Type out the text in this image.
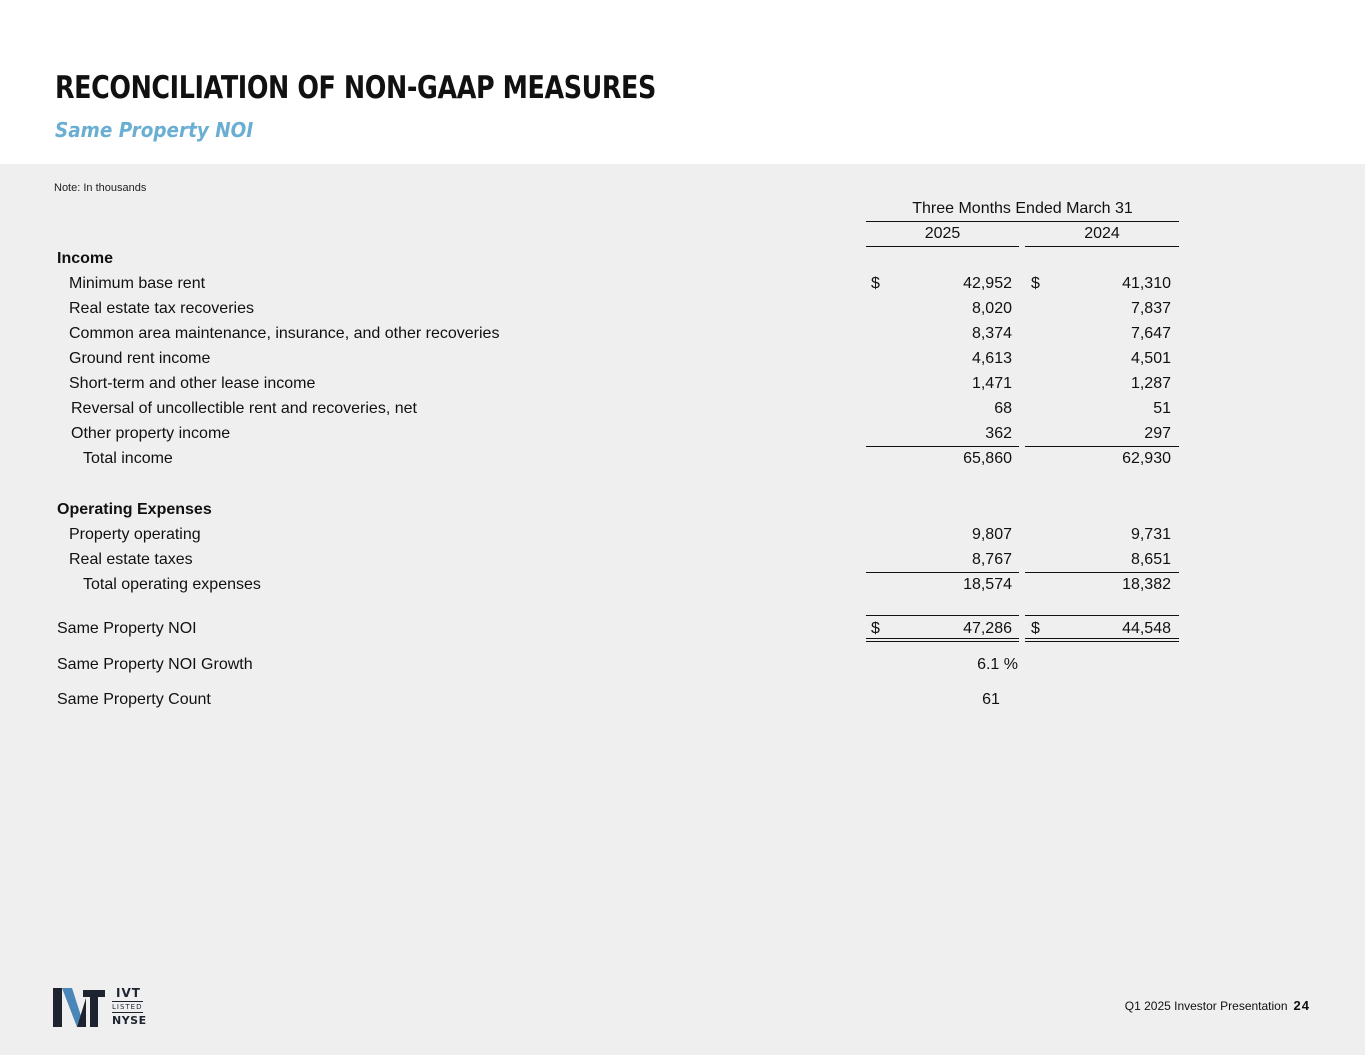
RECONCILIATION OF NON-GAAP MEASURES
Same Property NOI
Note: In thousands
Three Months Ended March 31
2025	2024
Income
Minimum base rent	$	42,952 $	41,310
Real estate tax recoveries	8,020	7,837
Common area maintenance, insurance, and other recoveries	8,374	7,647
Ground rent income	4,613	4,501
Short-term and other lease income	1,471	1,287
Reversal of uncollectible rent and recoveries, net	68	51
Other property income	362	297
Total income	65,860	62,930
Operating Expenses
Property operating	9,807	9,731
Real estate taxes	8,767	8,651
Total operating expenses	18,574	18,382
Same Property NOI	$	47,286 $	44,548
Same Property NOI Growth	6.1 %
Same Property Count	61
IVT
LISTED
NYSE
Q1 2025 Investor Presentation 24
